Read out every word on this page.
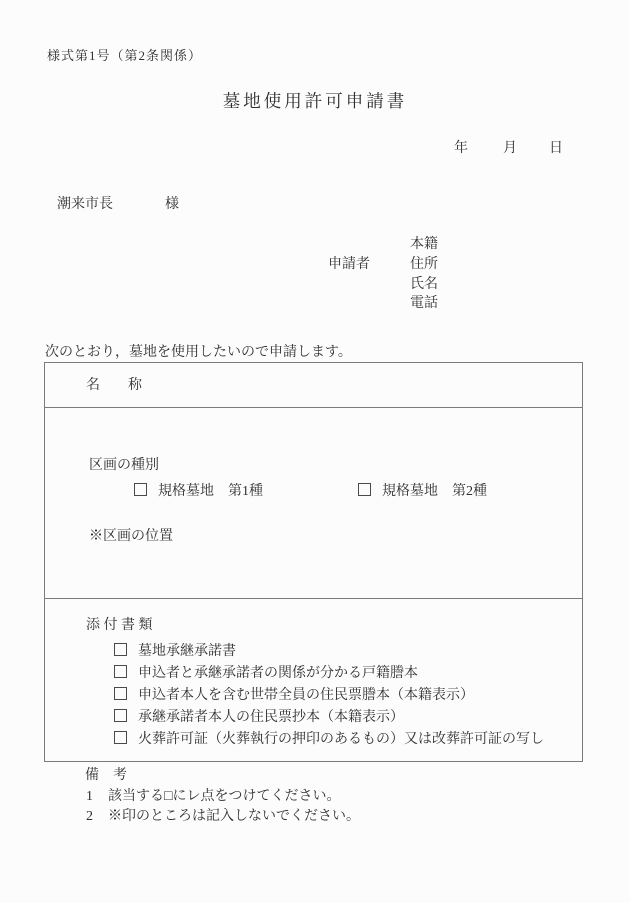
様式第1号（第2条関係）
墓地使用許可申請書
年	月 日
潮来市長	様
申請者
本籍
住所
氏名
電話
次のとおり，墓地を使用したいので申請します。
名　　称
区画の種別
規格墓地　第1種	規格墓地　第2種
※区画の位置
添 付 書 類
墓地承継承諾書
申込者と承継承諾者の関係が分かる戸籍謄本
申込者本人を含む世帯全員の住民票謄本（本籍表示）
承継承諾者本人の住民票抄本（本籍表示）
火葬許可証（火葬執行の押印のあるもの）又は改葬許可証の写し
備　考
1 該当する□にレ点をつけてください。
2 ※印のところは記入しないでください。
